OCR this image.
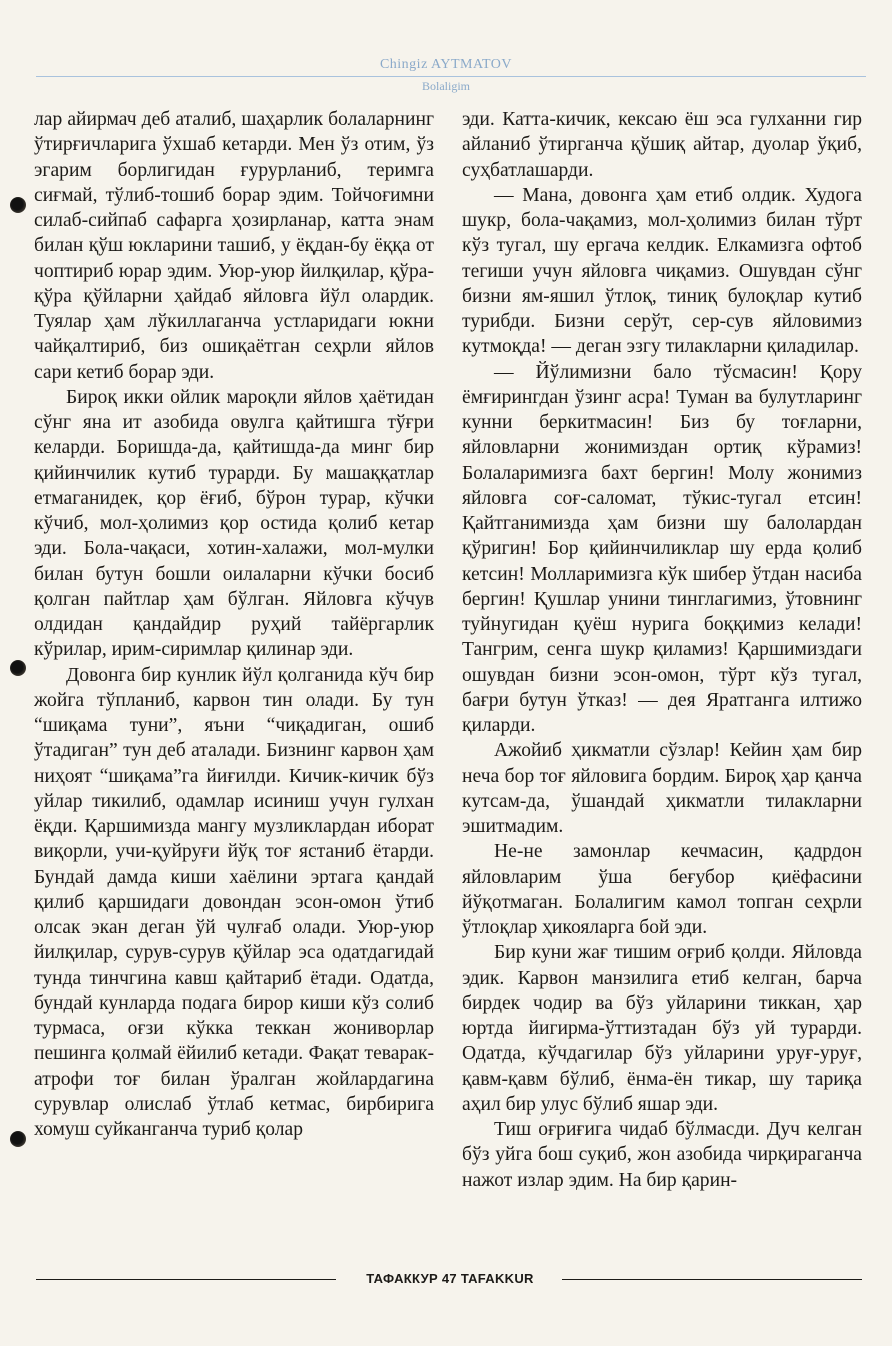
Chingiz AYTMATOV
Bolaligim

лар айирмач деб аталиб, шаҳарлик болаларнинг ўтирғичларига ўхшаб кетарди. Мен ўз отим, ўз эгарим борлигидан ғурурланиб, теримга сиғмай, тўлиб-тошиб борар эдим. Тойчоғимни силаб-сийпаб сафарга ҳозирланар, катта энам билан қўш юкларини ташиб, у ёқдан-бу ёққа от чоптириб юрар эдим. Уюр-уюр йилқилар, қўра-қўра қўйларни ҳайдаб яйловга йўл олардик. Туялар ҳам лўкиллаганча устларидаги юкни чайқалтириб, биз ошиқаётган сеҳрли яйлов сари кетиб борар эди.

Бироқ икки ойлик мароқли яйлов ҳаётидан сўнг яна ит азобида овулга қайтишга тўғри келарди. Боришда-да, қайтишда-да минг бир қийинчилик кутиб турарди. Бу машаққатлар етмаганидек, қор ёғиб, бўрон турар, кўчки кўчиб, мол-ҳолимиз қор остида қолиб кетар эди. Бола-чақаси, хотин-халажи, мол-мулки билан бутун бошли оилаларни кўчки босиб қолган пайтлар ҳам бўлган. Яйловга кўчув олдидан қандайдир руҳий тайёргарлик кўрилар, ирим-сиримлар қилинар эди.

Довонга бир кунлик йўл қолганида кўч бир жойга тўпланиб, карвон тин олади. Бу тун “шиқама туни”, яъни “чиқадиган, ошиб ўтадиган” тун деб аталади. Бизнинг карвон ҳам ниҳоят “шиқама”га йиғилди. Кичик-кичик бўз уйлар тикилиб, одамлар исиниш учун гулхан ёқди. Қаршимизда мангу музликлардан иборат виқорли, учи-қуйруғи йўқ тоғ ястаниб ётарди. Бундай дамда киши хаёлини эртага қандай қилиб қаршидаги довондан эсон-омон ўтиб олсак экан деган ўй чулғаб олади. Уюр-уюр йилқилар, сурув-сурув қўйлар эса одатдагидай тунда тинчгина кавш қайтариб ётади. Одатда, бундай кунларда подага бирор киши кўз солиб турмаса, оғзи кўкка теккан жониворлар пешинга қолмай ёйилиб кетади. Фақат теварак-атрофи тоғ билан ўралган жойлардагина сурувлар олислаб ўтлаб кетмас, бирбирига хомуш суйканганча туриб қолар

эди. Катта-кичик, кексаю ёш эса гулханни гир айланиб ўтирганча қўшиқ айтар, дуолар ўқиб, суҳбатлашарди.

— Мана, довонга ҳам етиб олдик. Худога шукр, бола-чақамиз, мол-ҳолимиз билан тўрт кўз тугал, шу ергача келдик. Елкамизга офтоб тегиши учун яйловга чиқамиз. Ошувдан сўнг бизни ям-яшил ўтлоқ, тиниқ булоқлар кутиб турибди. Бизни серўт, сер-сув яйловимиз кутмоқда! — деган эзгу тилакларни қиладилар.

— Йўлимизни бало тўсмасин! Қору ёмғирингдан ўзинг асра! Туман ва булутларинг кунни беркитмасин! Биз бу тоғларни, яйловларни жонимиздан ортиқ кўрамиз! Болаларимизга бахт бергин! Молу жонимиз яйловга соғ-саломат, тўкис-тугал етсин! Қайтганимизда ҳам бизни шу балолардан қўригин! Бор қийинчиликлар шу ерда қолиб кетсин! Молларимизга кўк шибер ўтдан насиба бергин! Қушлар унини тинглагимиз, ўтовнинг туйнугидан қуёш нурига боққимиз келади! Тангрим, сенга шукр қиламиз! Қаршимиздаги ошувдан бизни эсон-омон, тўрт кўз тугал, бағри бутун ўтказ! — дея Яратганга илтижо қиларди.

Ажойиб ҳикматли сўзлар! Кейин ҳам бир неча бор тоғ яйловига бордим. Бироқ ҳар қанча кутсам-да, ўшандай ҳикматли тилакларни эшитмадим.

Не-не замонлар кечмасин, қадрдон яйловларим ўша беғубор қиёфасини йўқотмаган. Болалигим камол топган сеҳрли ўтлоқлар ҳикояларга бой эди.

Бир куни жағ тишим оғриб қолди. Яйловда эдик. Карвон манзилига етиб келган, барча бирдек чодир ва бўз уйларини тиккан, ҳар юртда йигирма-ўттизтадан бўз уй турарди. Одатда, кўчдагилар бўз уйларини уруғ-уруғ, қавм-қавм бўлиб, ёнма-ён тикар, шу тариқа аҳил бир улус бўлиб яшар эди.

Тиш оғриғига чидаб бўлмасди. Дуч келган бўз уйга бош суқиб, жон азобида чирқираганча нажот излар эдим. На бир қарин-

ТАФАККУР 47 TAFAKKUR
